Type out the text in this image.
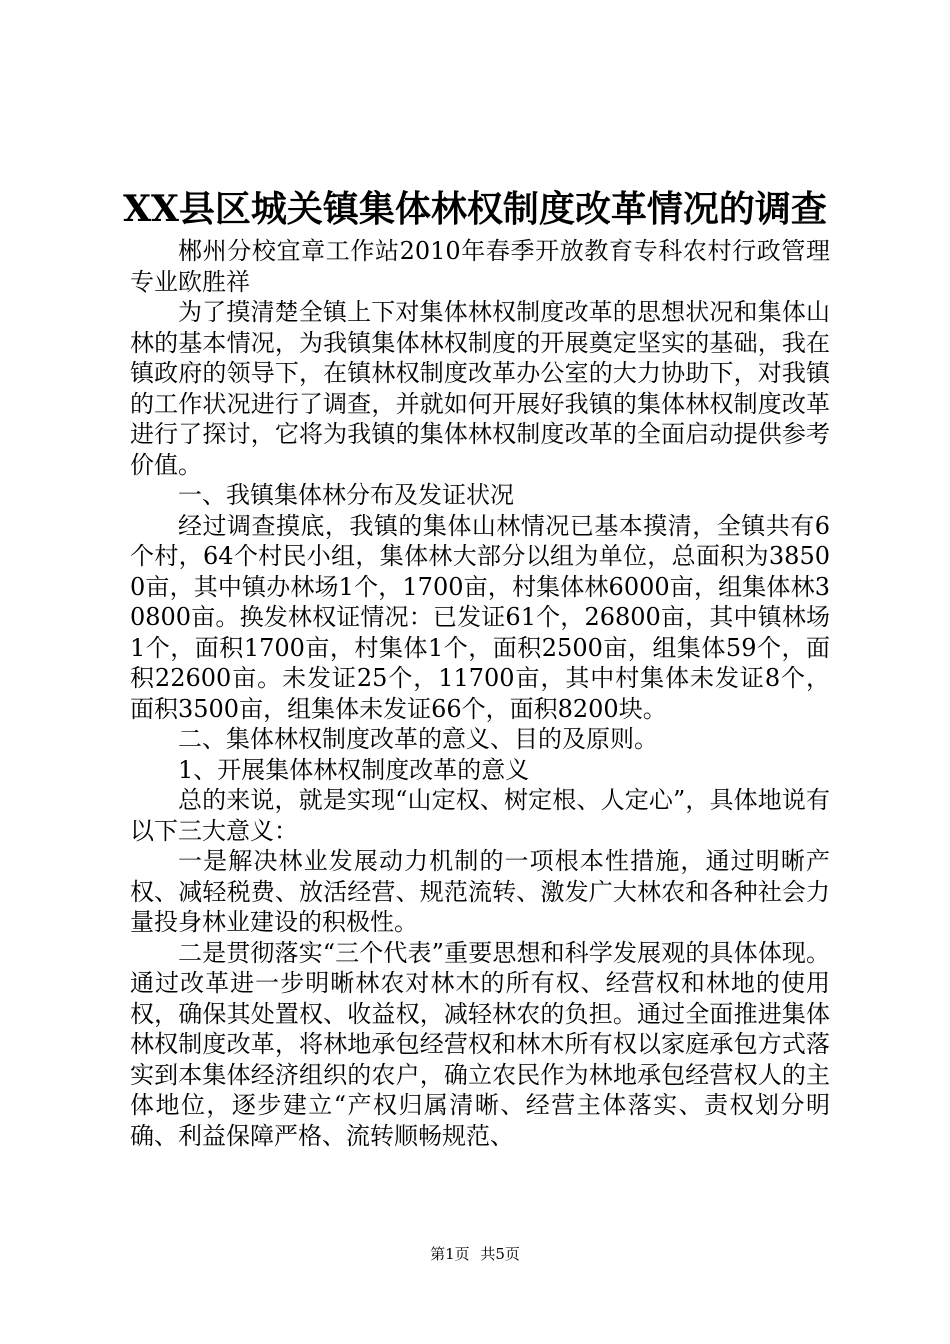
XX县区城关镇集体林权制度改革情况的调查

郴州分校宜章工作站2010年春季开放教育专科农村行政管理专业欧胜祥

为了摸清楚全镇上下对集体林权制度改革的思想状况和集体山林的基本情况，为我镇集体林权制度的开展奠定坚实的基础，我在镇政府的领导下，在镇林权制度改革办公室的大力协助下，对我镇的工作状况进行了调查，并就如何开展好我镇的集体林权制度改革进行了探讨，它将为我镇的集体林权制度改革的全面启动提供参考价值。

一、我镇集体林分布及发证状况

经过调查摸底，我镇的集体山林情况已基本摸清，全镇共有6个村，64个村民小组，集体林大部分以组为单位，总面积为38500亩，其中镇办林场1个，1700亩，村集体林6000亩，组集体林30800亩。换发林权证情况：已发证61个，26800亩，其中镇林场1个，面积1700亩，村集体1个，面积2500亩，组集体59个，面积22600亩。未发证25个，11700亩，其中村集体未发证8个，面积3500亩，组集体未发证66个，面积8200块。

二、集体林权制度改革的意义、目的及原则。

1、开展集体林权制度改革的意义

总的来说，就是实现“山定权、树定根、人定心”，具体地说有以下三大意义：

一是解决林业发展动力机制的一项根本性措施，通过明晰产权、减轻税费、放活经营、规范流转、激发广大林农和各种社会力量投身林业建设的积极性。

二是贯彻落实“三个代表”重要思想和科学发展观的具体体现。通过改革进一步明晰林农对林木的所有权、经营权和林地的使用权，确保其处置权、收益权，减轻林农的负担。通过全面推进集体林权制度改革，将林地承包经营权和林木所有权以家庭承包方式落实到本集体经济组织的农户，确立农民作为林地承包经营权人的主体地位，逐步建立“产权归属清晰、经营主体落实、责权划分明确、利益保障严格、流转顺畅规范、

第1页 共5页
